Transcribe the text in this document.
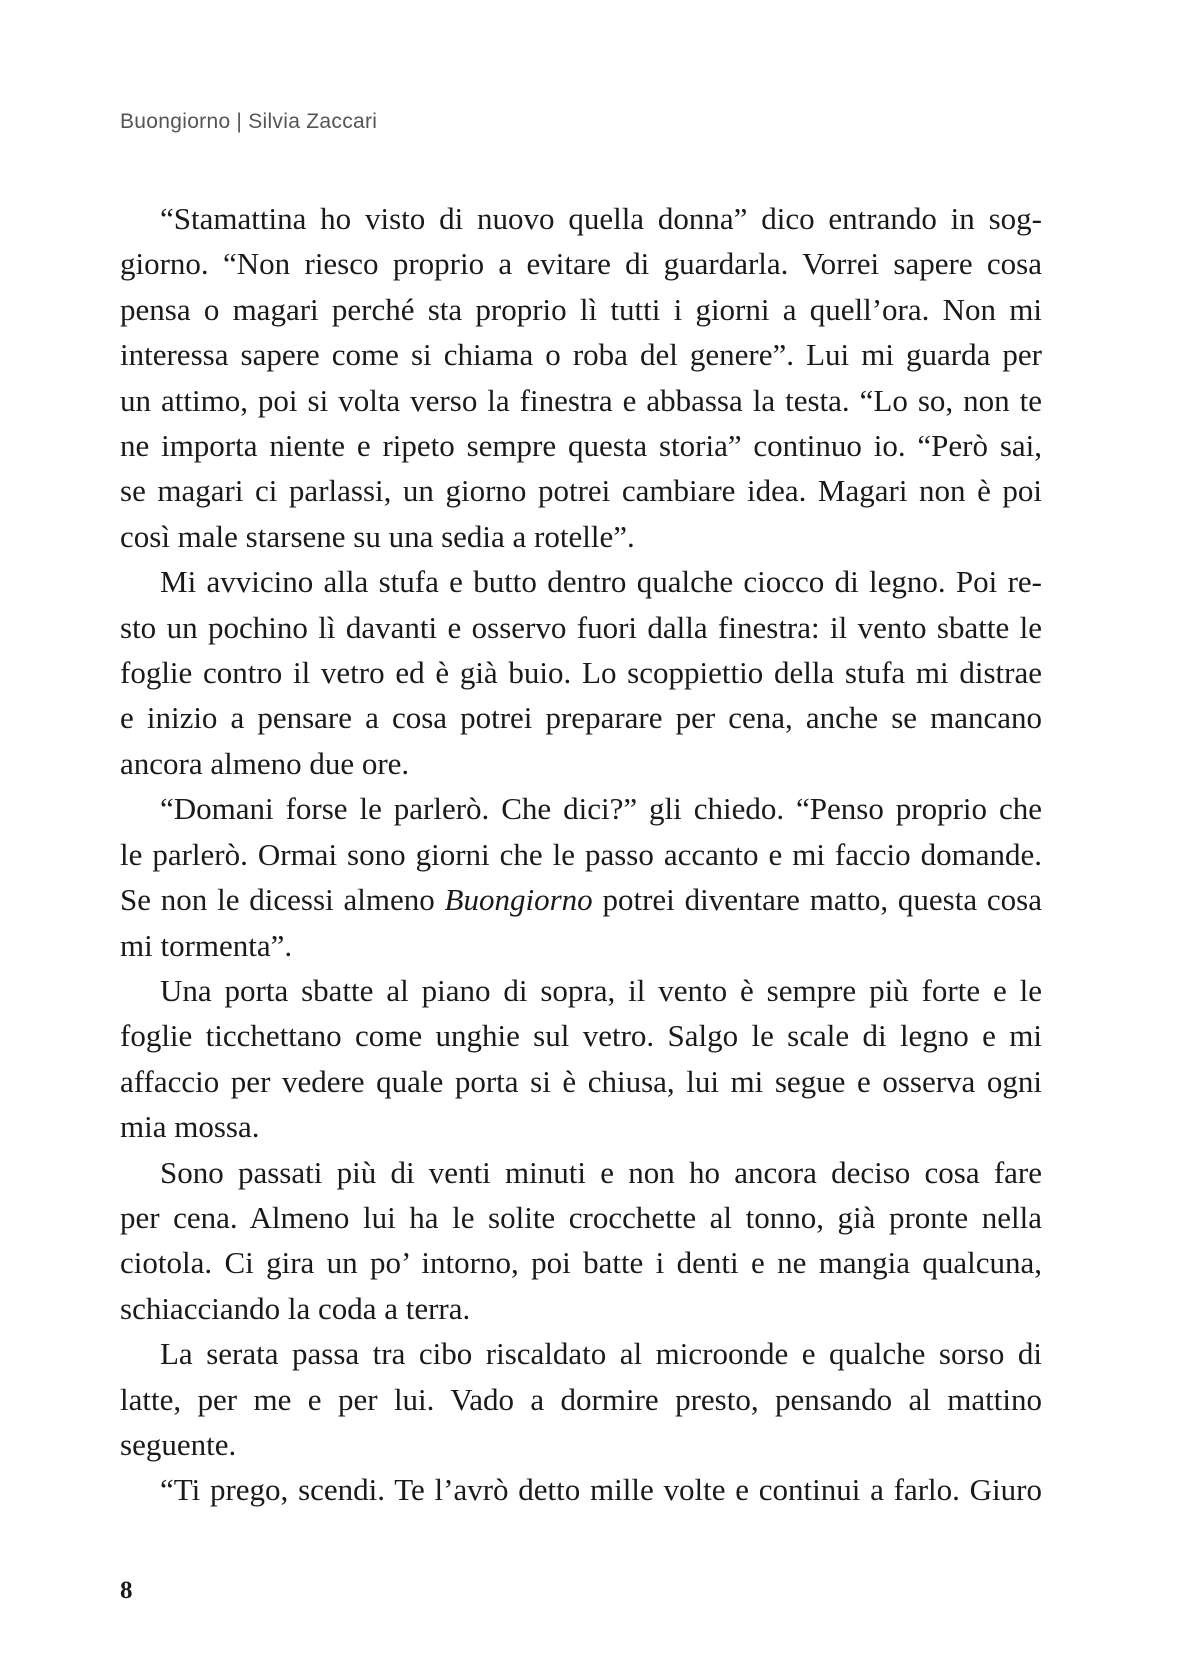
Buongiorno | Silvia Zaccari
“Stamattina ho visto di nuovo quella donna” dico entrando in sog-
giorno. “Non riesco proprio a evitare di guardarla. Vorrei sapere cosa
pensa o magari perché sta proprio lì tutti i giorni a quell’ora. Non mi
interessa sapere come si chiama o roba del genere”. Lui mi guarda per
un attimo, poi si volta verso la finestra e abbassa la testa. “Lo so, non te
ne importa niente e ripeto sempre questa storia” continuo io. “Però sai,
se magari ci parlassi, un giorno potrei cambiare idea. Magari non è poi
così male starsene su una sedia a rotelle”.
Mi avvicino alla stufa e butto dentro qualche ciocco di legno. Poi re-
sto un pochino lì davanti e osservo fuori dalla finestra: il vento sbatte le
foglie contro il vetro ed è già buio. Lo scoppiettio della stufa mi distrae
e inizio a pensare a cosa potrei preparare per cena, anche se mancano
ancora almeno due ore.
“Domani forse le parlerò. Che dici?” gli chiedo. “Penso proprio che
le parlerò. Ormai sono giorni che le passo accanto e mi faccio domande.
Se non le dicessi almeno Buongiorno potrei diventare matto, questa cosa
mi tormenta”.
Una porta sbatte al piano di sopra, il vento è sempre più forte e le
foglie ticchettano come unghie sul vetro. Salgo le scale di legno e mi
affaccio per vedere quale porta si è chiusa, lui mi segue e osserva ogni
mia mossa.
Sono passati più di venti minuti e non ho ancora deciso cosa fare
per cena. Almeno lui ha le solite crocchette al tonno, già pronte nella
ciotola. Ci gira un po’ intorno, poi batte i denti e ne mangia qualcuna,
schiacciando la coda a terra.
La serata passa tra cibo riscaldato al microonde e qualche sorso di
latte, per me e per lui. Vado a dormire presto, pensando al mattino
seguente.
“Ti prego, scendi. Te l’avrò detto mille volte e continui a farlo. Giuro
8
